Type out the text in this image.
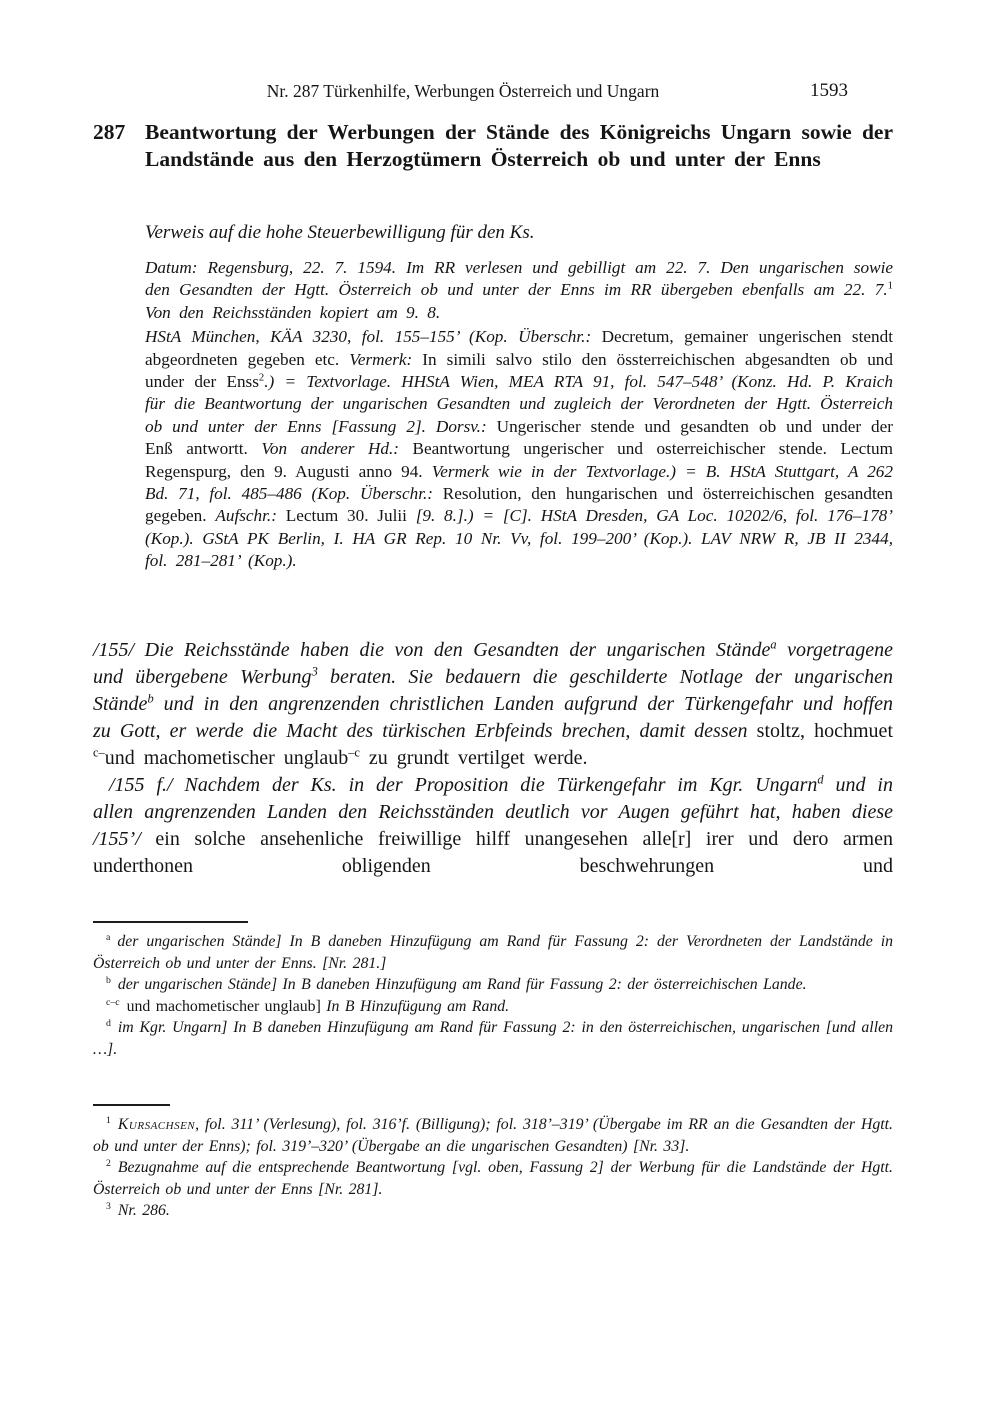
Nr. 287 Türkenhilfe, Werbungen Österreich und Ungarn	1593
287 Beantwortung der Werbungen der Stände des Königreichs Ungarn sowie der Landstände aus den Herzogtümern Österreich ob und unter der Enns
Verweis auf die hohe Steuerbewilligung für den Ks.

Datum: Regensburg, 22. 7. 1594. Im RR verlesen und gebilligt am 22. 7. Den ungarischen sowie den Gesandten der Hgtt. Österreich ob und unter der Enns im RR übergeben ebenfalls am 22. 7.$^1$ Von den Reichsständen kopiert am 9. 8.

HStA München, KÄA 3230, fol. 155–155’ (Kop. Überschr.: Decretum, gemainer ungerischen stendt abgeordneten gegeben etc. Vermerk: In simili salvo stilo den össterreichischen abgesandten ob und under der Enss$^2$.) = Textvorlage. HHStA Wien, MEA RTA 91, fol. 547–548’ (Konz. Hd. P. Kraich für die Beantwortung der ungarischen Gesandten und zugleich der Verordneten der Hgtt. Österreich ob und unter der Enns [Fassung 2]. Dorsv.: Ungerischer stende und gesandten ob und under der Enß antwortt. Von anderer Hd.: Beantwortung ungerischer und osterreichischer stende. Lectum Regenspurg, den 9. Augusti anno 94. Vermerk wie in der Textvorlage.) = B. HStA Stuttgart, A 262 Bd. 71, fol. 485–486 (Kop. Überschr.: Resolution, den hungarischen und österreichischen gesandten gegeben. Aufschr.: Lectum 30. Julii [9. 8.].) = [C]. HStA Dresden, GA Loc. 10202/6, fol. 176–178’ (Kop.). GStA PK Berlin, I. HA GR Rep. 10 Nr. Vv, fol. 199–200’ (Kop.). LAV NRW R, JB II 2344, fol. 281–281’ (Kop.).

/155/ Die Reichsstände haben die von den Gesandten der ungarischen Stände$^a$ vorgetragene und übergebene Werbung$^3$ beraten. Sie bedauern die geschilderte Notlage der ungarischen Stände$^b$ und in den angrenzenden christlichen Landen aufgrund der Türkengefahr und hoffen zu Gott, er werde die Macht des türkischen Erbfeinds brechen, damit dessen stoltz, hochmuet $^{c-}$und machometischer unglaub$^{-c}$ zu grundt vertilget werde.

/155 f./ Nachdem der Ks. in der Proposition die Türkengefahr im Kgr. Ungarn$^d$ und in allen angrenzenden Landen den Reichsständen deutlich vor Augen geführt hat, haben diese /155’/ ein solche ansehenliche freiwillige hilff unangesehen alle[r] irer und dero armen underthonen obligenden beschwehrungen und

$^a$ der ungarischen Stände] In B daneben Hinzufügung am Rand für Fassung 2: der Verordneten der Landstände in Österreich ob und unter der Enns. [Nr. 281.]

$^b$ der ungarischen Stände] In B daneben Hinzufügung am Rand für Fassung 2: der österreichischen Lande.

$^{c-c}$ und machometischer unglaub] In B Hinzufügung am Rand.

$^d$ im Kgr. Ungarn] In B daneben Hinzufügung am Rand für Fassung 2: in den österreichischen, ungarischen [und allen …].

$^1$ Kursachsen, fol. 311’ (Verlesung), fol. 316’f. (Billigung); fol. 318’–319’ (Übergabe im RR an die Gesandten der Hgtt. ob und unter der Enns); fol. 319’–320’ (Übergabe an die ungarischen Gesandten) [Nr. 33].

$^2$ Bezugnahme auf die entsprechende Beantwortung [vgl. oben, Fassung 2] der Werbung für die Landstände der Hgtt. Österreich ob und unter der Enns [Nr. 281].

$^3$ Nr. 286.
